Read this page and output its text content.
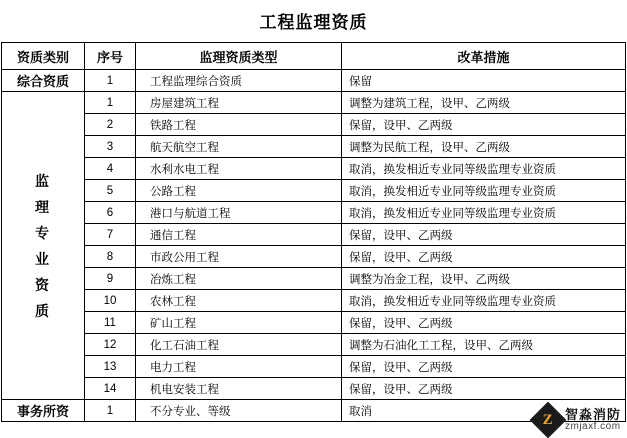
工程监理资质
资质类别	序号	监理资质类型	改革措施
综合资质	1	工程监理综合资质	保留

监
理
专
业
资
质
	1	房屋建筑工程	调整为建筑工程，设甲、乙两级
	2	铁路工程	保留，设甲、乙两级
	3	航天航空工程	调整为民航工程，设甲、乙两级
	4	水利水电工程	取消，换发相近专业同等级监理专业资质
	5	公路工程	取消，换发相近专业同等级监理专业资质
	6	港口与航道工程	取消，换发相近专业同等级监理专业资质
	7	通信工程	保留，设甲、乙两级
	8	市政公用工程	保留，设甲、乙两级
	9	冶炼工程	调整为冶金工程，设甲、乙两级
	10	农林工程	取消，换发相近专业同等级监理专业资质
	11	矿山工程	保留，设甲、乙两级
	12	化工石油工程	调整为石油化工工程，设甲、乙两级
	13	电力工程	保留，设甲、乙两级
	14	机电安装工程	保留，设甲、乙两级
事务所资	1	不分专业、等级	取消	Z 智淼消防
zmjaxf.com
